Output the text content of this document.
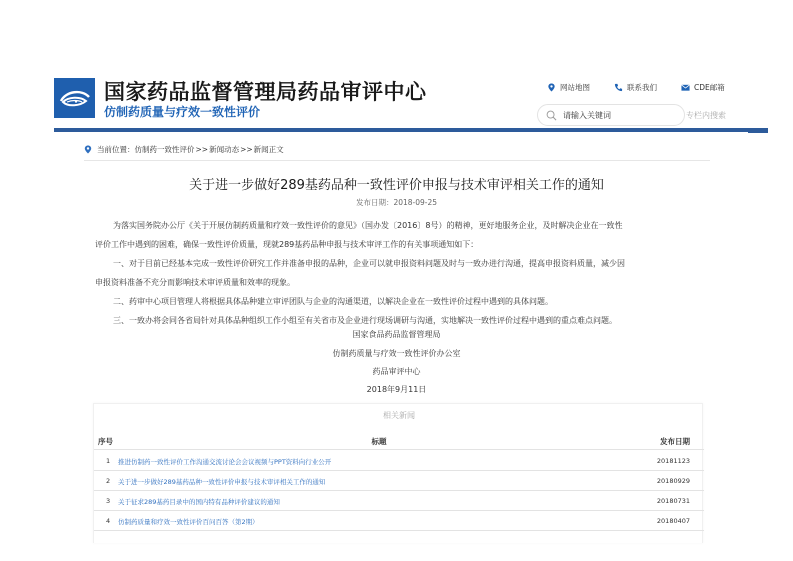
国家药品监督管理局药品审评中心
仿制药质量与疗效一致性评价
网站地图	联系我们	CDE邮箱
请输入关键词
专栏内搜索
当前位置： 仿制药一致性评价 >> 新闻动态 >> 新闻正文
关于进一步做好289基药品种一致性评价申报与技术审评相关工作的通知
发布日期：2018-09-25

为落实国务院办公厅《关于开展仿制药质量和疗效一致性评价的意见》（国办发〔2016〕8号）的精神，更好地服务企业，及时解决企业在一致性

评价工作中遇到的困难，确保一致性评价质量，现就289基药品种申报与技术审评工作的有关事项通知如下：

一、对于目前已经基本完成一致性评价研究工作并准备申报的品种，企业可以就申报资料问题及时与一致办进行沟通，提高申报资料质量，减少因

申报资料准备不充分而影响技术审评质量和效率的现象。

二、药审中心项目管理人将根据具体品种建立审评团队与企业的沟通渠道，以解决企业在一致性评价过程中遇到的具体问题。

三、一致办将会同各省局针对具体品种组织工作小组至有关省市及企业进行现场调研与沟通，实地解决一致性评价过程中遇到的重点难点问题。

国家食品药品监督管理局
仿制药质量与疗效一致性评价办公室
药品审评中心
2018年9月11日
相关新闻
序号	标题	发布日期
1 推进仿制药一致性评价工作沟通交流讨论会会议视频与PPT资料向行业公开	20181123
2 关于进一步做好289基药品种一致性评价申报与技术审评相关工作的通知	20180929
3 关于征求289基药目录中的国内特有品种评价建议的通知	20180731
4 仿制药质量和疗效一致性评价百问百答（第2期）	20180407
